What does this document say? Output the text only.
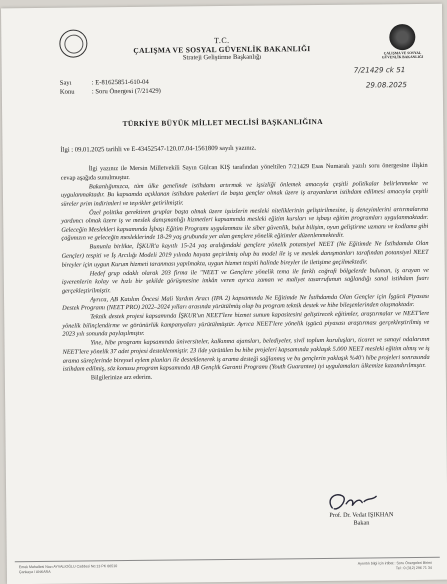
ÇALIŞMA VE SOSYAL GÜVENLİK BAKANLIĞI
T.C.
ÇALIŞMA VE SOSYAL GÜVENLİK BAKANLIĞI
Strateji Geliştirme Başkanlığı
Sayı	: E-81625851-610-04
Konu	: Soru Önergesi (7/21429)
7/21429 ck 51
29.08.2025
TÜRKİYE BÜYÜK MİLLET MECLİSİ BAŞKANLIĞINA
İlgi : 09.01.2025 tarihli ve E-43452547-120.07.04-1561809 sayılı yazınız.

İlgi yazınız ile Mersin Milletvekili Sayın Gülcan KIŞ tarafından yöneltilen 7/21429 Esas Numaralı yazılı soru önergesine ilişkin cevap aşağıda sunulmuştur.

Bakanlığımızca, tüm ülke genelinde istihdamı artırmak ve işsizliği önlemek amacıyla çeşitli politikalar belirlenmekte ve uygulanmaktadır. Bu kapsamda açıklanan istihdam paketleri ile başta gençler olmak üzere iş arayanların istihdam edilmesi amacıyla çeşitli süreler prim indirimleri ve teşvikler getirilmiştir.

Özel politika gerektiren gruplar başta olmak üzere işsizlerin mesleki niteliklerinin geliştirilmesine, iş deneyimlerini artırmalarına yardımcı olmak üzere iş ve meslek danışmanlığı hizmetleri kapsamında mesleki eğitim kursları ve işbaşı eğitim programları uygulanmaktadır. Geleceğin Meslekleri kapsamında İşbaşı Eğitim Programı uygulanması ile siber güvenlik, bulut bilişim, oyun geliştirme uzmanı ve kodlama gibi çağımızın ve geleceğin mesleklerinde 18-29 yaş grubunda yer alan gençlere yönelik eğitimler düzenlenmektedir.

Bununla birlikte, İŞKUR'a kayıtlı 15-24 yaş aralığındaki gençlere yönelik potansiyel NEET (Ne Eğitimde Ne İstihdamda Olan Gençler) tespiti ve İş Arcılığı Modeli 2019 yılında hayata geçirilmiş olup bu model ile iş ve meslek danışmanları tarafından potansiyel NEET bireyler için uygun Kurum hizmeti taranması yapılmakta, uygun hizmet tespiti halinde bireyler ile iletişime geçilmektedir.

Hedef grup odaklı olarak 203 firma ile "NEET ve Gençlere yönelik tema ile farklı coğrafi bölgelerde bulunan, iş arayan ve işverenlerin kolay ve hızlı bir şekilde görüşmesine imkân veren ayrıca zaman ve maliyet tasarrufunun sağlandığı sanal istihdam fuarı gerçekleştirilmiştir.

Ayrıca, AB Katılım Öncesi Mali Yardım Aracı (IPA 2) kapsamında Ne Eğitimde Ne İstihdamda Olan Gençler için İşgücü Piyasası Destek Programı (NEET PRO) 2022–2024 yılları arasında yürütülmüş olup bu program teknik destek ve hibe bileşenlerinden oluşmaktadır.

Teknik destek projesi kapsamında İŞKUR'un NEET'lere hizmet sunum kapasitesini geliştirecek eğitimler, araştırmalar ve NEET'lere yönelik bilinçlendirme ve görünürlük kampanyaları yürütülmüştür. Ayrıca NEET'lere yönelik işgücü piyasası araştırması gerçekleştirilmiş ve 2023 yılı sonunda paylaşılmıştır.

Yine, hibe programı kapsamında üniversiteler, kalkınma ajansları, belediyeler, sivil toplum kuruluşları, ticaret ve sanayi odalarının NEET'lere yönelik 37 adet projesi desteklenmiştir. 23 ilde yürütülen bu hibe projeleri kapsamında yaklaşık 5.000 NEET mesleki eğitim almış ve iş arama süreçlerinde bireysel eylem planları ile desteklenerek iş arama desteği sağlanmış ve bu gençlerin yaklaşık %40'ı hibe projeleri sonrasında istihdam edilmiş, söz konusu program kapsamında AB Gençlik Garanti Programı (Youth Guarantee) iyi uygulamaları ülkemize kazandırılmıştır.

Bilgilerinize arz ederim.

Prof. Dr. Vedat IŞIKHAN
Bakan
Emek Mahallesi Nazı AYVALIOĞLU Caddesi No:13 PK 06510
Çankaya / ANKARA
Ayrıntılı bilgi için irtibat : Soru Önergeleri Birimi
Tel : 0 (312) 296 71 34
